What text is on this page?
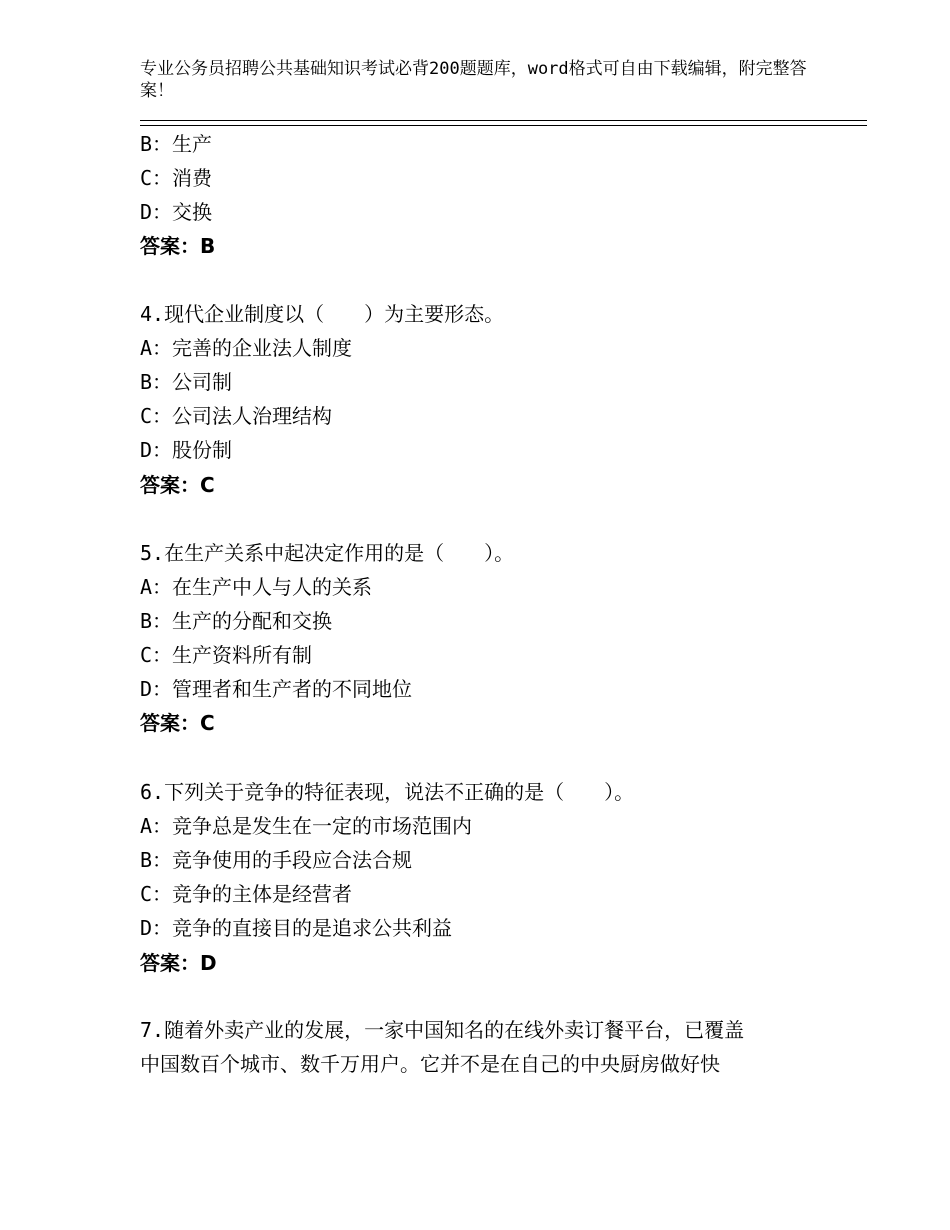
专业公务员招聘公共基础知识考试必背200题题库，word格式可自由下载编辑，附完整答案！
B：生产
C：消费
D：交换
答案：B
4.现代企业制度以（　　）为主要形态。
A：完善的企业法人制度
B：公司制
C：公司法人治理结构
D：股份制
答案：C
5.在生产关系中起决定作用的是（　　）。
A：在生产中人与人的关系
B：生产的分配和交换
C：生产资料所有制
D：管理者和生产者的不同地位
答案：C
6.下列关于竞争的特征表现，说法不正确的是（　　）。
A：竞争总是发生在一定的市场范围内
B：竞争使用的手段应合法合规
C：竞争的主体是经营者
D：竞争的直接目的是追求公共利益
答案：D
7.随着外卖产业的发展，一家中国知名的在线外卖订餐平台，已覆盖
中国数百个城市、数千万用户。它并不是在自己的中央厨房做好快
